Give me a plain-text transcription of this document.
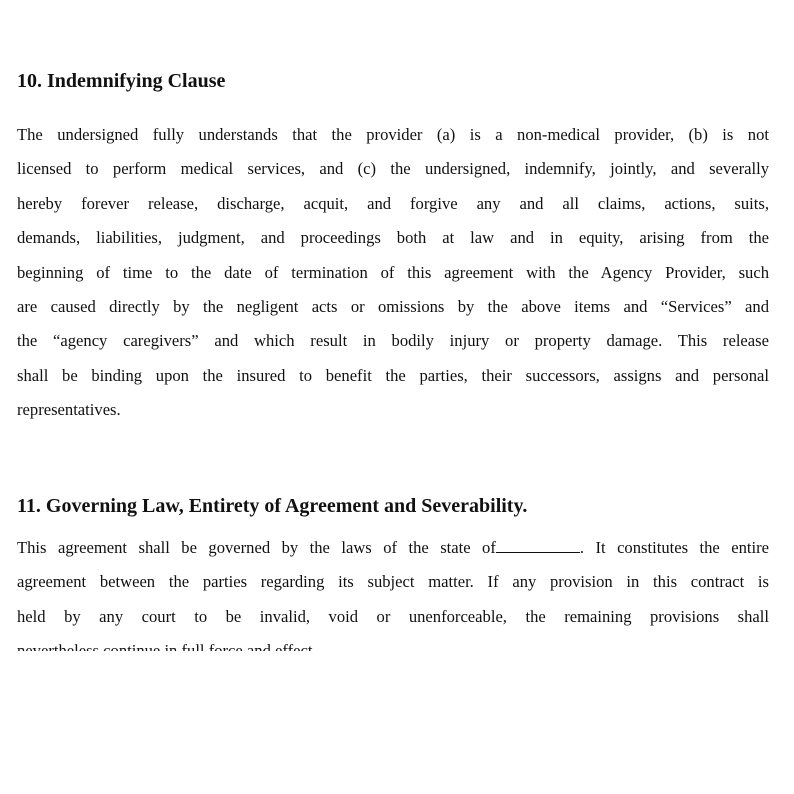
10. Indemnifying Clause
The undersigned fully understands that the provider (a) is a non-medical provider, (b) is not
licensed to perform medical services, and (c) the undersigned, indemnify, jointly, and severally
hereby forever release, discharge, acquit, and forgive any and all claims, actions, suits,
demands, liabilities, judgment, and proceedings both at law and in equity, arising from the
beginning of time to the date of termination of this agreement with the Agency Provider, such
are caused directly by the negligent acts or omissions by the above items and “Services” and
the “agency caregivers” and which result in bodily injury or property damage. This release
shall be binding upon the insured to benefit the parties, their successors, assigns and personal
representatives.
11. Governing Law, Entirety of Agreement and Severability.
This agreement shall be governed by the laws of the state of	. It constitutes the entire
agreement between the parties regarding its subject matter. If any provision in this contract is
held by any court to be invalid, void or unenforceable, the remaining provisions shall
